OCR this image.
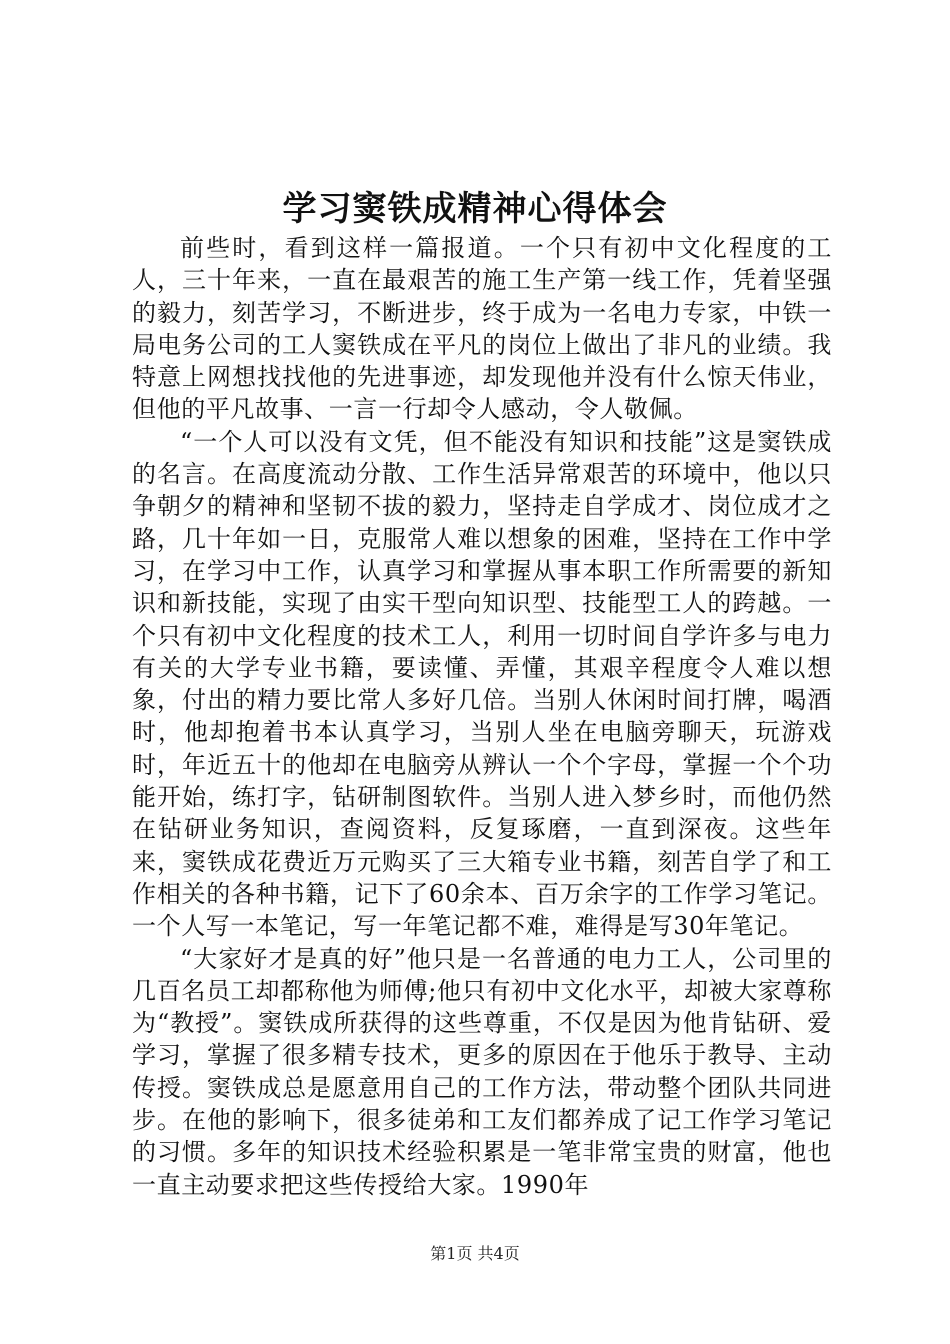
学习窦铁成精神心得体会

前些时，看到这样一篇报道。一个只有初中文化程度的工人，三十年来，一直在最艰苦的施工生产第一线工作，凭着坚强的毅力，刻苦学习，不断进步，终于成为一名电力专家，中铁一局电务公司的工人窦铁成在平凡的岗位上做出了非凡的业绩。我特意上网想找找他的先进事迹，却发现他并没有什么惊天伟业，但他的平凡故事、一言一行却令人感动，令人敬佩。

“一个人可以没有文凭，但不能没有知识和技能”这是窦铁成的名言。在高度流动分散、工作生活异常艰苦的环境中，他以只争朝夕的精神和坚韧不拔的毅力，坚持走自学成才、岗位成才之路，几十年如一日，克服常人难以想象的困难，坚持在工作中学习，在学习中工作，认真学习和掌握从事本职工作所需要的新知识和新技能，实现了由实干型向知识型、技能型工人的跨越。一个只有初中文化程度的技术工人，利用一切时间自学许多与电力有关的大学专业书籍，要读懂、弄懂，其艰辛程度令人难以想象，付出的精力要比常人多好几倍。当别人休闲时间打牌，喝酒时，他却抱着书本认真学习，当别人坐在电脑旁聊天，玩游戏时，年近五十的他却在电脑旁从辨认一个个字母，掌握一个个功能开始，练打字，钻研制图软件。当别人进入梦乡时，而他仍然在钻研业务知识，查阅资料，反复琢磨，一直到深夜。这些年来，窦铁成花费近万元购买了三大箱专业书籍，刻苦自学了和工作相关的各种书籍，记下了60余本、百万余字的工作学习笔记。一个人写一本笔记，写一年笔记都不难，难得是写30年笔记。

“大家好才是真的好”他只是一名普通的电力工人，公司里的几百名员工却都称他为师傅;他只有初中文化水平，却被大家尊称为“教授”。窦铁成所获得的这些尊重，不仅是因为他肯钻研、爱学习，掌握了很多精专技术，更多的原因在于他乐于教导、主动传授。窦铁成总是愿意用自己的工作方法，带动整个团队共同进步。在他的影响下，很多徒弟和工友们都养成了记工作学习笔记的习惯。多年的知识技术经验积累是一笔非常宝贵的财富，他也一直主动要求把这些传授给大家。1990年

第1页 共4页
